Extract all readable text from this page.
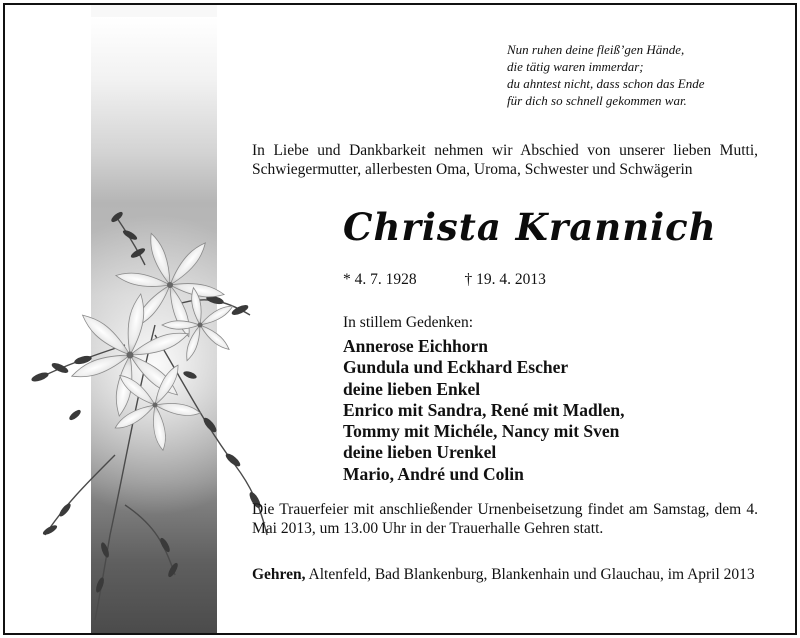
Nun ruhen deine fleiß’gen Hände,
die tätig waren immerdar;
du ahntest nicht, dass schon das Ende
für dich so schnell gekommen war.
In Liebe und Dankbarkeit nehmen wir Abschied von unserer lieben Mutti, Schwiegermutter, allerbesten Oma, Uroma, Schwester und Schwägerin
Christa Krannich
* 4. 7. 1928	† 19. 4. 2013
In stillem Gedenken:
Annerose Eichhorn
Gundula und Eckhard Escher
deine lieben Enkel
Enrico mit Sandra, René mit Madlen,
Tommy mit Michéle, Nancy mit Sven
deine lieben Urenkel
Mario, André und Colin
Die Trauerfeier mit anschließender Urnenbeisetzung findet am Samstag, dem 4. Mai 2013, um 13.00 Uhr in der Trauerhalle Gehren statt.
Gehren, Altenfeld, Bad Blankenburg, Blankenhain und Glauchau, im April 2013
